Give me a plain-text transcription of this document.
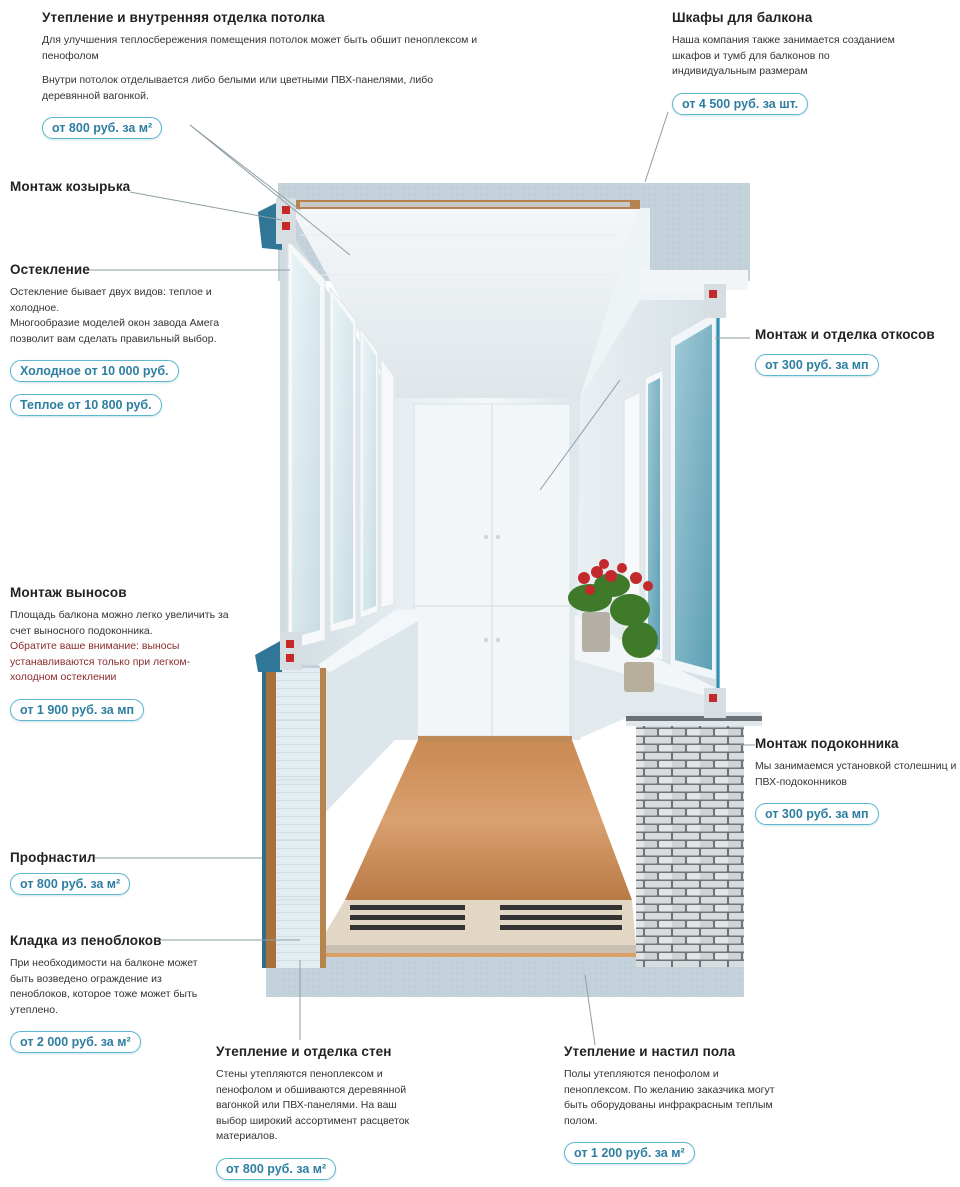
Утепление и внутренняя отделка потолка

Для улучшения теплосбережения помещения потолок может быть обшит пеноплексом и пенофолом

Внутри потолок отделывается либо белыми или цветными ПВХ-панелями, либо деревянной вагонкой.

от 800 руб. за м²
Шкафы для балкона

Наша компания также занимается созданием шкафов и тумб для балконов по индивидуальным размерам

от 4 500 руб. за шт.
Монтаж козырька
Остекление

Остекление бывает двух видов: теплое и холодное.

Многообразие моделей окон завода Амега позволит вам сделать правильный выбор.

Холодное от 10 000 руб.
Теплое от 10 800 руб.
Монтаж и отделка откосов
от 300 руб. за мп
Монтаж выносов

Площадь балкона можно легко увеличить за счет выносного подоконника.

Обратите ваше внимание: выносы устанавливаются только при легком-холодном остеклении

от 1 900 руб. за мп
Монтаж подоконника

Мы занимаемся установкой столешниц и ПВХ-подоконников

от 300 руб. за мп
Профнастил
от 800 руб. за м²
Кладка из пеноблоков

При необходимости на балконе может быть возведено ограждение из пеноблоков, которое тоже может быть утеплено.

от 2 000 руб. за м²
Утепление и отделка стен

Стены утепляются пеноплексом и пенофолом и обшиваются деревянной вагонкой или ПВХ-панелями. На ваш выбор широкий ассортимент расцветок материалов.

от 800 руб. за м²
Утепление и настил пола

Полы утепляются пенофолом и пеноплексом. По желанию заказчика могут быть оборудованы инфракрасным теплым полом.

от 1 200 руб. за м²
